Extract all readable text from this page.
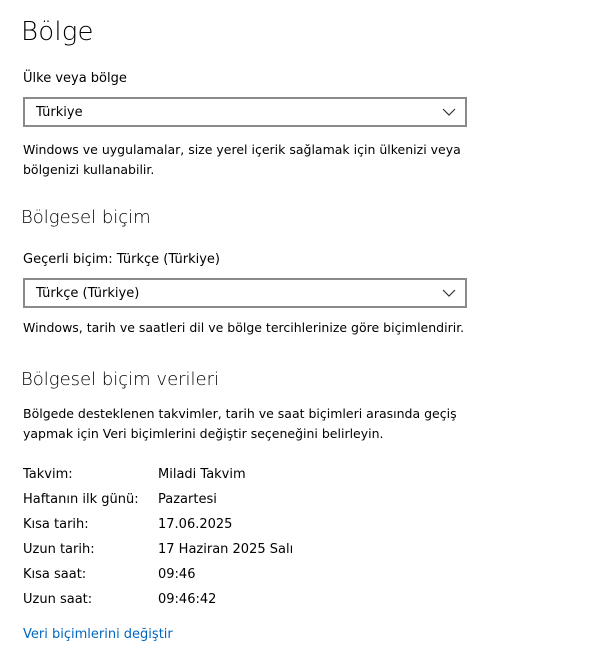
Bölge
Ülke veya bölge
Türkiye
Windows ve uygulamalar, size yerel içerik sağlamak için ülkenizi veya bölgenizi kullanabilir.
Bölgesel biçim
Geçerli biçim: Türkçe (Türkiye)
Türkçe (Türkiye)
Windows, tarih ve saatleri dil ve bölge tercihlerinize göre biçimlendirir.
Bölgesel biçim verileri
Bölgede desteklenen takvimler, tarih ve saat biçimleri arasında geçiş yapmak için Veri biçimlerini değiştir seçeneğini belirleyin.
Takvim:	Miladi Takvim
Haftanın ilk günü:	Pazartesi
Kısa tarih:	17.06.2025
Uzun tarih:	17 Haziran 2025 Salı
Kısa saat:	09:46
Uzun saat:	09:46:42
Veri biçimlerini değiştir
